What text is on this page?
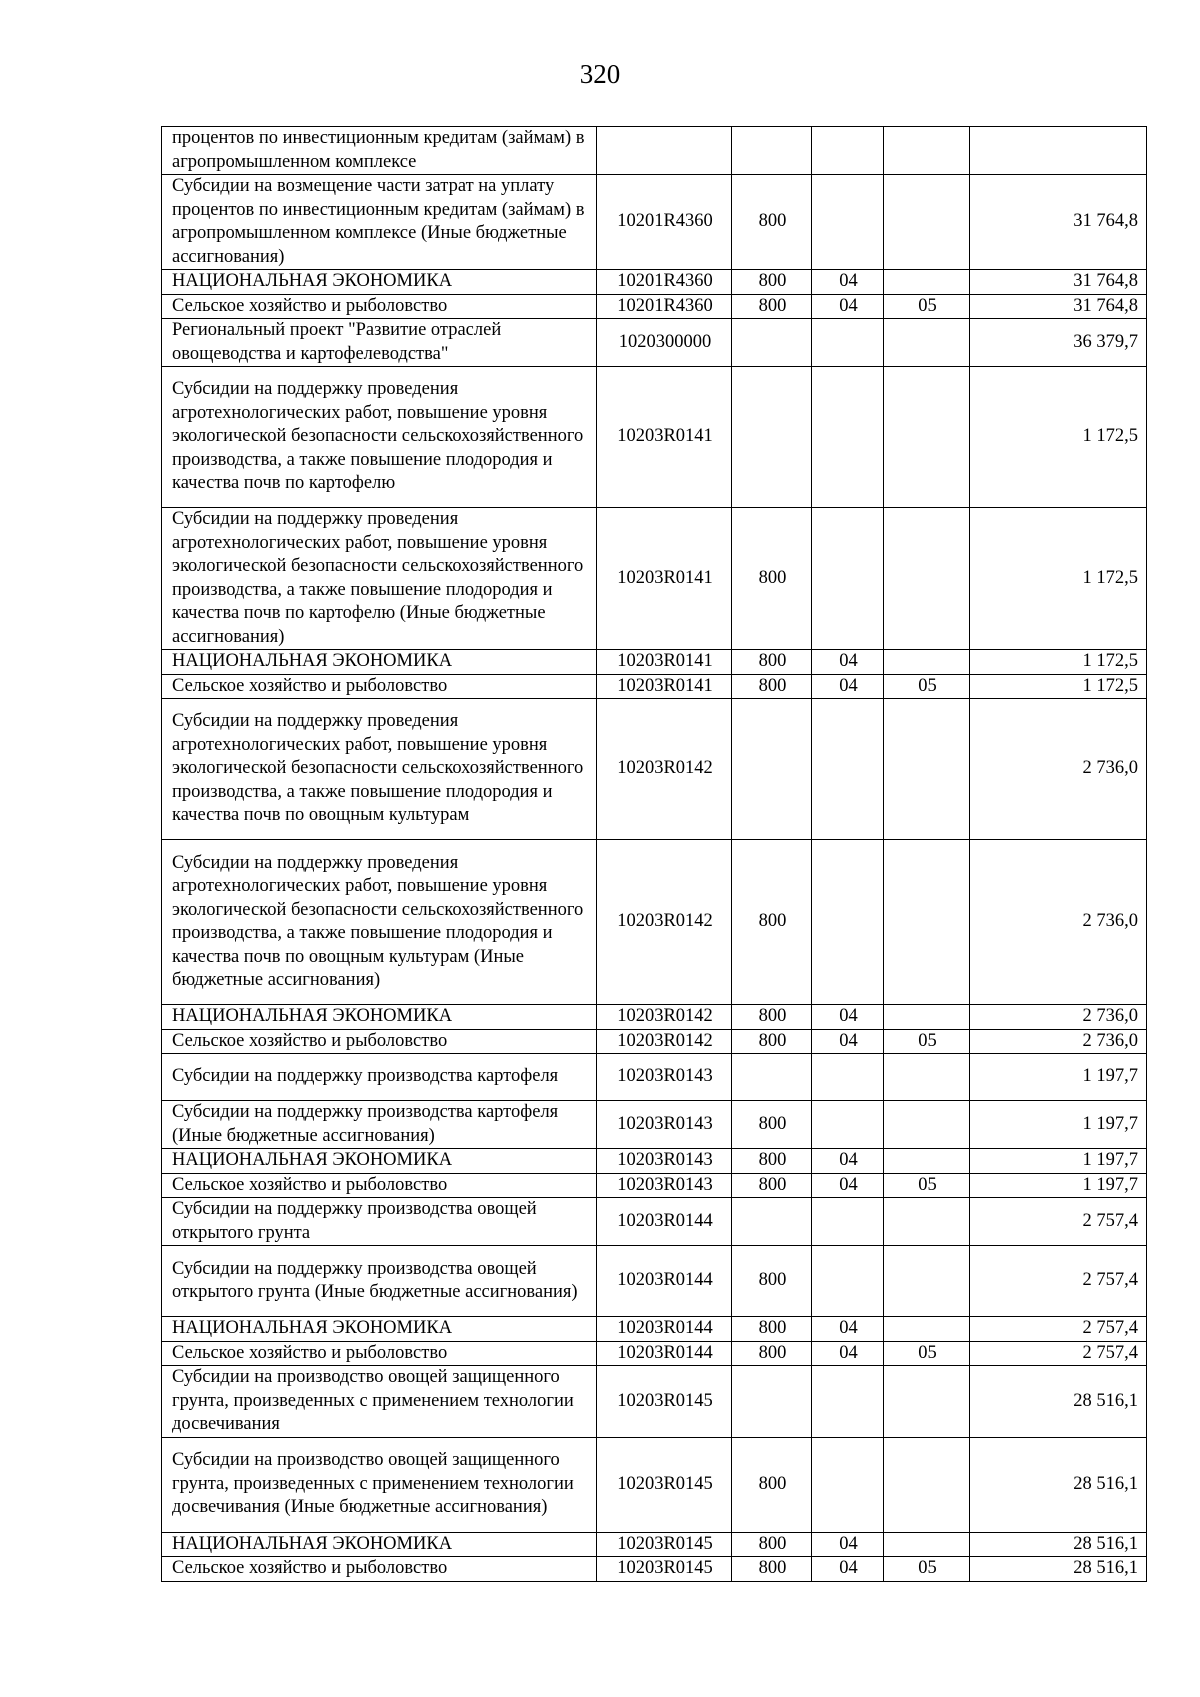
320
процентов по инвестиционным кредитам (займам) в агропромышленном комплексе					
Субсидии на возмещение части затрат на уплату процентов по инвестиционным кредитам (займам) в агропромышленном комплексе (Иные бюджетные ассигнования)	10201R4360	800			31 764,8
НАЦИОНАЛЬНАЯ ЭКОНОМИКА	10201R4360	800	04		31 764,8
Сельское хозяйство и рыболовство	10201R4360	800	04	05	31 764,8
Региональный проект "Развитие отраслей овощеводства и картофелеводства"	1020300000				36 379,7
Субсидии на поддержку проведения агротехнологических работ, повышение уровня экологической безопасности сельскохозяйственного производства, а также повышение плодородия и качества почв по картофелю	10203R0141				1 172,5
Субсидии на поддержку проведения агротехнологических работ, повышение уровня экологической безопасности сельскохозяйственного производства, а также повышение плодородия и качества почв по картофелю (Иные бюджетные ассигнования)	10203R0141	800			1 172,5
НАЦИОНАЛЬНАЯ ЭКОНОМИКА	10203R0141	800	04		1 172,5
Сельское хозяйство и рыболовство	10203R0141	800	04	05	1 172,5
Субсидии на поддержку проведения агротехнологических работ, повышение уровня экологической безопасности сельскохозяйственного производства, а также повышение плодородия и качества почв по овощным культурам	10203R0142				2 736,0
Субсидии на поддержку проведения агротехнологических работ, повышение уровня экологической безопасности сельскохозяйственного производства, а также повышение плодородия и качества почв по овощным культурам (Иные бюджетные ассигнования)	10203R0142	800			2 736,0
НАЦИОНАЛЬНАЯ ЭКОНОМИКА	10203R0142	800	04		2 736,0
Сельское хозяйство и рыболовство	10203R0142	800	04	05	2 736,0
Субсидии на поддержку производства картофеля	10203R0143				1 197,7
Субсидии на поддержку производства картофеля (Иные бюджетные ассигнования)	10203R0143	800			1 197,7
НАЦИОНАЛЬНАЯ ЭКОНОМИКА	10203R0143	800	04		1 197,7
Сельское хозяйство и рыболовство	10203R0143	800	04	05	1 197,7
Субсидии на поддержку производства овощей открытого грунта	10203R0144				2 757,4
Субсидии на поддержку производства овощей открытого грунта (Иные бюджетные ассигнования)	10203R0144	800			2 757,4
НАЦИОНАЛЬНАЯ ЭКОНОМИКА	10203R0144	800	04		2 757,4
Сельское хозяйство и рыболовство	10203R0144	800	04	05	2 757,4
Субсидии на производство овощей защищенного грунта, произведенных с применением технологии досвечивания	10203R0145				28 516,1
Субсидии на производство овощей защищенного грунта, произведенных с применением технологии досвечивания (Иные бюджетные ассигнования)	10203R0145	800			28 516,1
НАЦИОНАЛЬНАЯ ЭКОНОМИКА	10203R0145	800	04		28 516,1
Сельское хозяйство и рыболовство	10203R0145	800	04	05	28 516,1
